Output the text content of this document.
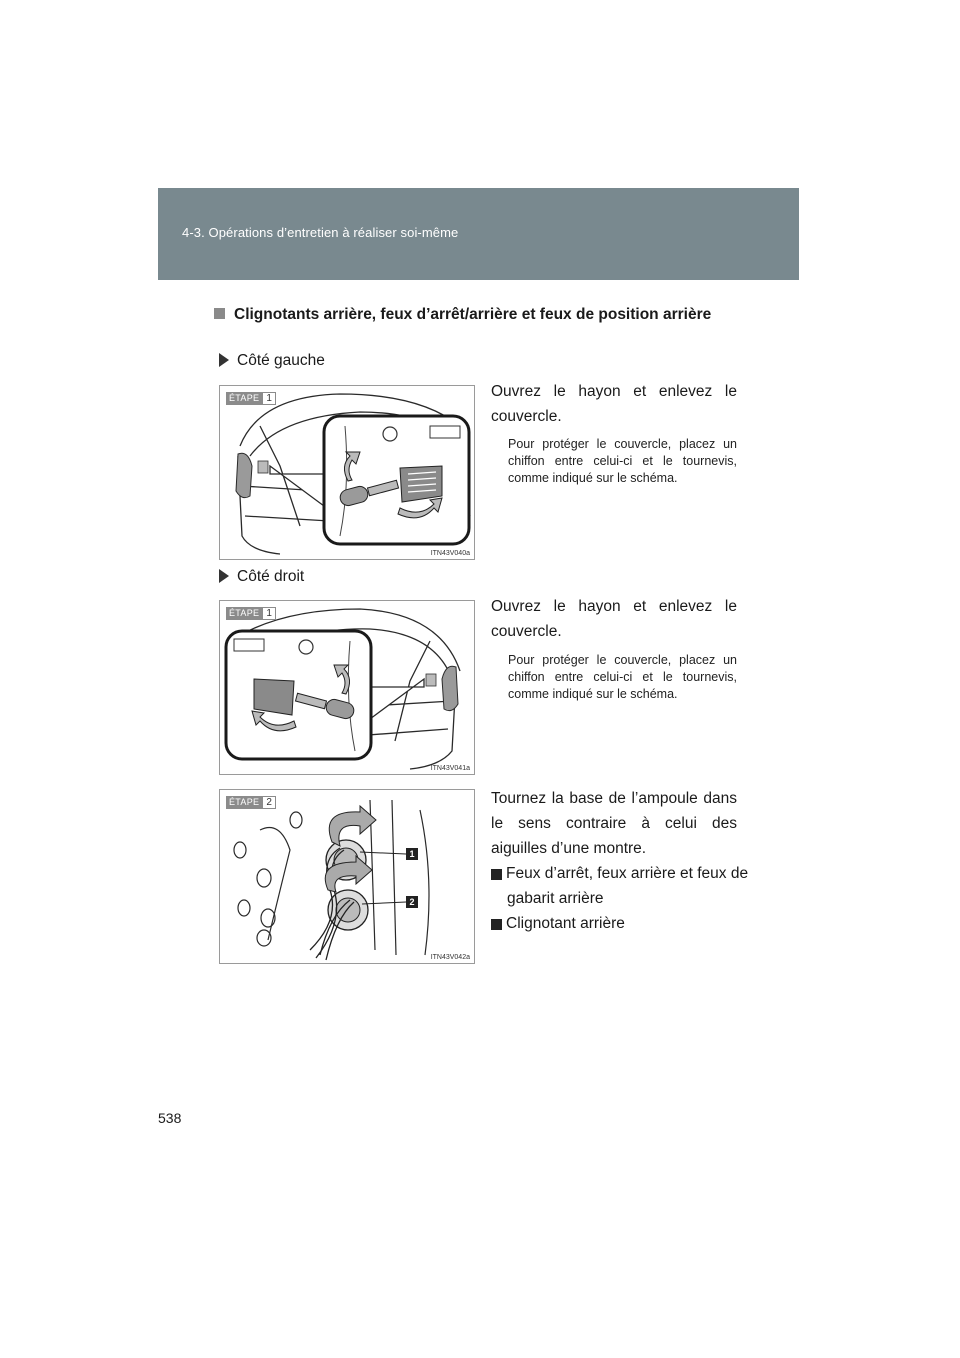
4-3. Opérations d’entretien à réaliser soi-même
Clignotants arrière, feux d’arrêt/arrière et feux de position arrière
Côté gauche
ÉTAPE 1
ITN43V040a
Ouvrez le hayon et enlevez le couvercle.
Pour protéger le couvercle, placez un chiffon entre celui-ci et le tournevis, comme indiqué sur le schéma.
Côté droit
ÉTAPE 1
ITN43V041a
Ouvrez le hayon et enlevez le couvercle.
Pour protéger le couvercle, placez un chiffon entre celui-ci et le tournevis, comme indiqué sur le schéma.
ÉTAPE 2
1
2
ITN43V042a
Tournez la base de l’ampoule dans le sens contraire à celui des aiguilles d’une montre.
1 Feux d’arrêt, feux arrière et feux de gabarit arrière
2 Clignotant arrière
538
